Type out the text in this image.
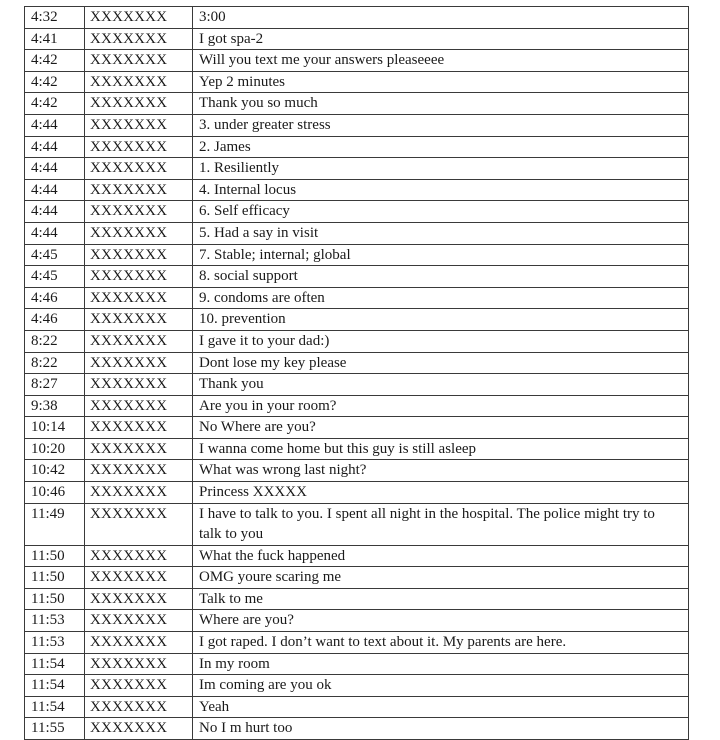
4:32	XXXXXXX	3:00
4:41	XXXXXXX	I got spa-2
4:42	XXXXXXX	Will you text me your answers pleaseeee
4:42	XXXXXXX	Yep 2 minutes
4:42	XXXXXXX	Thank you so much
4:44	XXXXXXX	3. under greater stress
4:44	XXXXXXX	2. James
4:44	XXXXXXX	1. Resiliently
4:44	XXXXXXX	4. Internal locus
4:44	XXXXXXX	6. Self efficacy
4:44	XXXXXXX	5. Had a say in visit
4:45	XXXXXXX	7. Stable; internal; global
4:45	XXXXXXX	8. social support
4:46	XXXXXXX	9. condoms are often
4:46	XXXXXXX	10. prevention
8:22	XXXXXXX	I gave it to your dad:)
8:22	XXXXXXX	Dont lose my key please
8:27	XXXXXXX	Thank you
9:38	XXXXXXX	Are you in your room?
10:14	XXXXXXX	No Where are you?
10:20	XXXXXXX	I wanna come home but this guy is still asleep
10:42	XXXXXXX	What was wrong last night?
10:46	XXXXXXX	Princess XXXXX
11:49	XXXXXXX	I have to talk to you. I spent all night in the hospital. The police might try to talk to you
11:50	XXXXXXX	What the fuck happened
11:50	XXXXXXX	OMG youre scaring me
11:50	XXXXXXX	Talk to me
11:53	XXXXXXX	Where are you?
11:53	XXXXXXX	I got raped. I don’t want to text about it. My parents are here.
11:54	XXXXXXX	In my room
11:54	XXXXXXX	Im coming are you ok
11:54	XXXXXXX	Yeah
11:55	XXXXXXX	No I m hurt too
